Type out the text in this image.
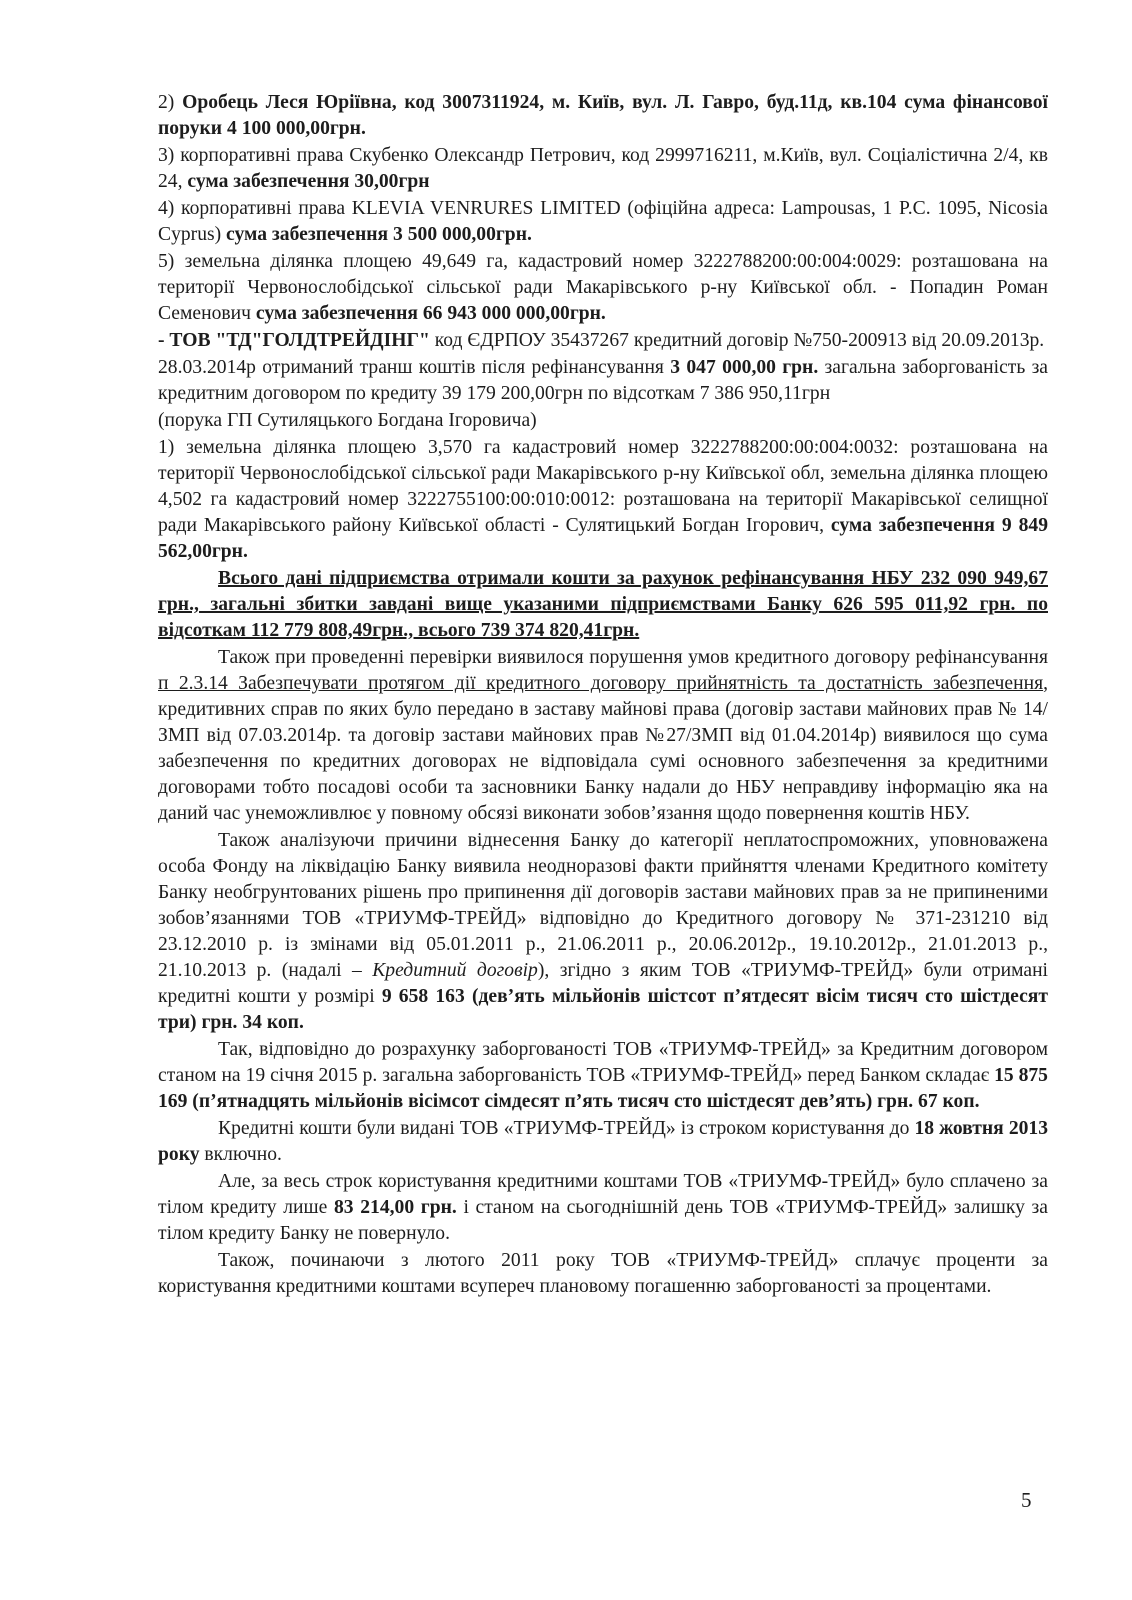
2) Оробець Леся Юріївна, код 3007311924, м. Київ, вул. Л. Гавро, буд.11д, кв.104 сума фінансової поруки 4 100 000,00грн.

3) корпоративні права Скубенко Олександр Петрович, код 2999716211, м.Київ, вул. Соціалістична 2/4, кв 24, сума забезпечення 30,00грн

4) корпоративні права KLEVIA VENRURES LIMITED (офіційна адреса: Lampousas, 1 P.C. 1095, Nicosia Cyprus) сума забезпечення 3 500 000,00грн.

5) земельна ділянка площею 49,649 га, кадастровий номер 3222788200:00:004:0029: розташована на території Червонослобідської сільської ради Макарівського р-ну Київської обл. - Попадин Роман Семенович сума забезпечення 66 943 000 000,00грн.

- ТОВ "ТД"ГОЛДТРЕЙДІНГ" код ЄДРПОУ 35437267 кредитний договір №750-200913 від 20.09.2013р.

28.03.2014р отриманий транш коштів після рефінансування 3 047 000,00 грн. загальна заборгованість за кредитним договором по кредиту 39 179 200,00грн по відсоткам 7 386 950,11грн

(порука ГП Сутиляцького Богдана Ігоровича)

1) земельна ділянка площею 3,570 га кадастровий номер 3222788200:00:004:0032: розташована на території Червонослобідської сільської ради Макарівського р-ну Київської обл, земельна ділянка площею 4,502 га кадастровий номер 3222755100:00:010:0012: розташована на території Макарівської селищної ради Макарівського району Київської області - Сулятицький Богдан Ігорович, сума забезпечення 9 849 562,00грн.

Всього дані підприємства отримали кошти за рахунок рефінансування НБУ 232 090 949,67 грн., загальні збитки завдані вище указаними підприємствами Банку 626 595 011,92 грн. по відсоткам 112 779 808,49грн., всього 739 374 820,41грн.

Також при проведенні перевірки виявилося порушення умов кредитного договору рефінансування п 2.3.14 Забезпечувати протягом дії кредитного договору прийнятність та достатність забезпечення, кредитивних справ по яких було передано в заставу майнові права (договір застави майнових прав № 14/ЗМП від 07.03.2014р. та договір застави майнових прав №27/ЗМП від 01.04.2014р) виявилося що сума забезпечення по кредитних договорах не відповідала сумі основного забезпечення за кредитними договорами тобто посадові особи та засновники Банку надали до НБУ неправдиву інформацію яка на даний час унеможливлює у повному обсязі виконати зобов’язання щодо повернення коштів НБУ.

Також аналізуючи причини віднесення Банку до категорії неплатоспроможних, уповноважена особа Фонду на ліквідацію Банку виявила неодноразові факти прийняття членами Кредитного комітету Банку необгрунтованих рішень про припинення дії договорів застави майнових прав за не припиненими зобов’язаннями ТОВ «ТРИУМФ-ТРЕЙД» відповідно до Кредитного договору № 371-231210 від 23.12.2010 р. із змінами від 05.01.2011 р., 21.06.2011 р., 20.06.2012р., 19.10.2012р., 21.01.2013 р., 21.10.2013 р. (надалі – Кредитний договір), згідно з яким ТОВ «ТРИУМФ-ТРЕЙД» були отримані кредитні кошти у розмірі 9 658 163 (дев’ять мільйонів шістсот п’ятдесят вісім тисяч сто шістдесят три) грн. 34 коп.

Так, відповідно до розрахунку заборгованості ТОВ «ТРИУМФ-ТРЕЙД» за Кредитним договором станом на 19 січня 2015 р. загальна заборгованість ТОВ «ТРИУМФ-ТРЕЙД» перед Банком складає 15 875 169 (п’ятнадцять мільйонів вісімсот сімдесят п’ять тисяч сто шістдесят дев’ять) грн. 67 коп.

Кредитні кошти були видані ТОВ «ТРИУМФ-ТРЕЙД» із строком користування до 18 жовтня 2013 року включно.

Але, за весь строк користування кредитними коштами ТОВ «ТРИУМФ-ТРЕЙД» було сплачено за тілом кредиту лише 83 214,00 грн. і станом на сьогоднішній день ТОВ «ТРИУМФ-ТРЕЙД» залишку за тілом кредиту Банку не повернуло.

Також, починаючи з лютого 2011 року ТОВ «ТРИУМФ-ТРЕЙД» сплачує проценти за користування кредитними коштами всупереч плановому погашенню заборгованості за процентами.

5
